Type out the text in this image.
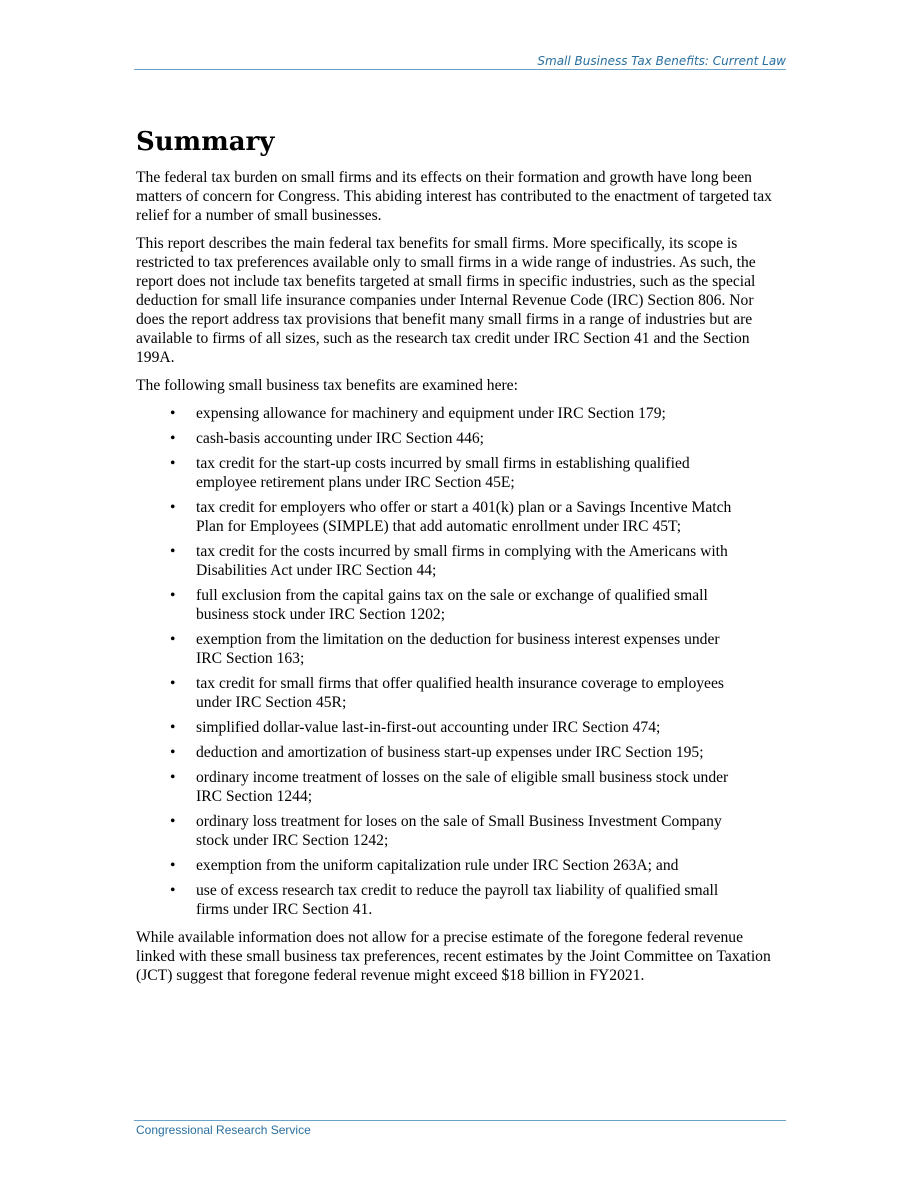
Small Business Tax Benefits: Current Law
Summary

The federal tax burden on small firms and its effects on their formation and growth have long been matters of concern for Congress. This abiding interest has contributed to the enactment of targeted tax relief for a number of small businesses.

This report describes the main federal tax benefits for small firms. More specifically, its scope is restricted to tax preferences available only to small firms in a wide range of industries. As such, the report does not include tax benefits targeted at small firms in specific industries, such as the special deduction for small life insurance companies under Internal Revenue Code (IRC) Section 806. Nor does the report address tax provisions that benefit many small firms in a range of industries but are available to firms of all sizes, such as the research tax credit under IRC Section 41 and the Section 199A.

The following small business tax benefits are examined here:

• expensing allowance for machinery and equipment under IRC Section 179;
• cash-basis accounting under IRC Section 446;
• tax credit for the start-up costs incurred by small firms in establishing qualified employee retirement plans under IRC Section 45E;
• tax credit for employers who offer or start a 401(k) plan or a Savings Incentive Match Plan for Employees (SIMPLE) that add automatic enrollment under IRC 45T;
• tax credit for the costs incurred by small firms in complying with the Americans with Disabilities Act under IRC Section 44;
• full exclusion from the capital gains tax on the sale or exchange of qualified small business stock under IRC Section 1202;
• exemption from the limitation on the deduction for business interest expenses under IRC Section 163;
• tax credit for small firms that offer qualified health insurance coverage to employees under IRC Section 45R;
• simplified dollar-value last-in-first-out accounting under IRC Section 474;
• deduction and amortization of business start-up expenses under IRC Section 195;
• ordinary income treatment of losses on the sale of eligible small business stock under IRC Section 1244;
• ordinary loss treatment for loses on the sale of Small Business Investment Company stock under IRC Section 1242;
• exemption from the uniform capitalization rule under IRC Section 263A; and
• use of excess research tax credit to reduce the payroll tax liability of qualified small firms under IRC Section 41.

While available information does not allow for a precise estimate of the foregone federal revenue linked with these small business tax preferences, recent estimates by the Joint Committee on Taxation (JCT) suggest that foregone federal revenue might exceed $18 billion in FY2021.

Congressional Research Service
